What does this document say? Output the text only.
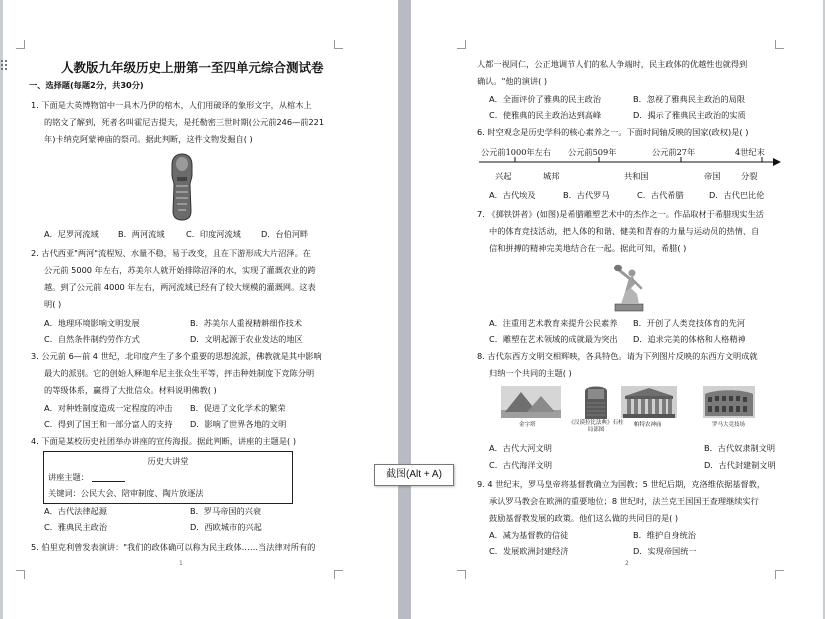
人教版九年级历史上册第一至四单元综合测试卷
一、选择题(每题2分，共30分)
1. 下面是大英博物馆中一具木乃伊的棺木，人们用破译的象形文字，从棺木上
的铭文了解到，死者名叫霍尼吉提夫，是托勒密三世时期(公元前246—前221
年)卡纳克阿蒙神庙的祭司。据此判断，这件文物发掘自( )
A．尼罗河流域 B．两河流域	C．印度河流域 D．台伯河畔
2. 古代西亚"两河"流程短、水量不稳，易于改变，且在下游形成大片沼泽。在
公元前 5000 年左右，苏美尔人就开始排除沼泽的水，实现了灌溉农业的跨
越。到了公元前 4000 年左右，两河流域已经有了较大规模的灌溉网。这表
明( )
A．地理环境影响文明发展	B．苏美尔人重视精耕细作技术
C．自然条件制约劳作方式	D．文明起源于农业发达的地区
3. 公元前 6—前 4 世纪，北印度产生了多个重要的思想流派，佛教就是其中影响
最大的派别。它的创始人释迦牟尼主张众生平等，抨击种姓制度下竞陈分明
的等级体系，赢得了大批信众。材料说明佛教( )
A．对种姓制度造成一定程度的冲击 B．促进了文化学术的繁荣
C．得到了国王和一部分富人的支持 D．影响了世界各地的文明
4. 下面是某校历史社团举办讲座的宣传海报。据此判断，讲座的主题是( )
历史大讲堂
讲座主题：
关键词：公民大会、陪审制度、陶片放逐法
A．古代法律起源	B．罗马帝国的兴衰
C．雅典民主政治	D．西欧城市的兴起
5. 伯里克利曾发表演讲："我们的政体确可以称为民主政体……当法律对所有的
1
人都一视同仁，公正地调节人们的私人争端时，民主政体的优越性也就得到
确认。"他的演讲( )
A．全面评价了雅典的民主政治	B．忽视了雅典民主政治的局限
C．使雅典的民主政治达到高峰	D．揭示了雅典民主政治的实质
6. 时空观念是历史学科的核心素养之一。下面时间轴反映的国家(政权)是( )
公元前1000年左右 公元前509年	公元前27年	4世纪末
兴起	城邦	共和国	帝国	分裂
A．古代埃及	B．古代罗马	C．古代希腊	D．古代巴比伦
7. 《掷铁饼者》(如图)是希腊雕塑艺术中的杰作之一。作品取材于希腊现实生活
中的体育竞技活动，把人体的和谐、健美和青春的力量与运动员的热情、自
信和拼搏的精神完美地结合在一起。据此可知，希腊( )
A．注重用艺术教育来提升公民素养 B．开创了人类竞技体育的先河
C．雕塑在艺术领域的成就最为突出 D．追求完美的体格和人格精神
8. 古代东西方文明交相辉映，各具特色。请为下列图片反映的东西方文明成就
归纳一个共同的主题( )
金字塔	《汉谟拉比法典》石柱局部图
帕特农神庙	罗马大竞技场
A．古代大河文明	B．古代奴隶制文明
C．古代海洋文明	D．古代封建制文明
9. 4 世纪末，罗马皇帝将基督教确立为国教；5 世纪后期，克洛维依据基督教，
承认罗马教会在欧洲的重要地位；8 世纪时，法兰克王国国王查理继续实行
鼓励基督教发展的政策。他们这么做的共同目的是( )
A．减为基督教的信徒	B．维护自身统治
C．发展欧洲封建经济	D．实现帝国统一
2
截图(Alt + A)
